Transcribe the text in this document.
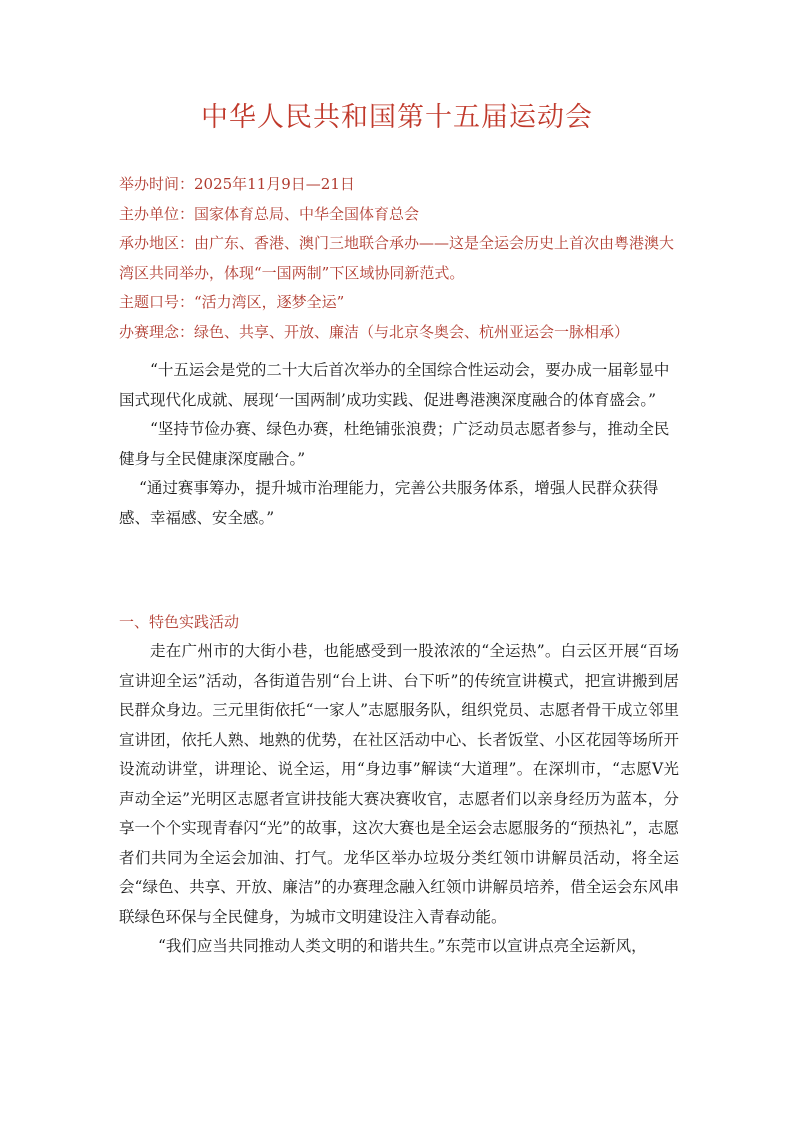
中华人民共和国第十五届运动会
举办时间：2025年11月9日—21日
主办单位：国家体育总局、中华全国体育总会
承办地区：由广东、香港、澳门三地联合承办——这是全运会历史上首次由粤港澳大湾区共同举办，体现“一国两制”下区域协同新范式。
主题口号：“活力湾区，逐梦全运”
办赛理念：绿色、共享、开放、廉洁（与北京冬奥会、杭州亚运会一脉相承）

“十五运会是党的二十大后首次举办的全国综合性运动会，要办成一届彰显中国式现代化成就、展现‘一国两制’成功实践、促进粤港澳深度融合的体育盛会。”

“坚持节俭办赛、绿色办赛，杜绝铺张浪费；广泛动员志愿者参与，推动全民健身与全民健康深度融合。”

“通过赛事筹办，提升城市治理能力，完善公共服务体系，增强人民群众获得感、幸福感、安全感。”

一、特色实践活动

走在广州市的大街小巷，也能感受到一股浓浓的“全运热”。白云区开展“百场宣讲迎全运”活动，各街道告别“台上讲、台下听”的传统宣讲模式，把宣讲搬到居民群众身边。三元里街依托“一家人”志愿服务队，组织党员、志愿者骨干成立邻里宣讲团，依托人熟、地熟的优势，在社区活动中心、长者饭堂、小区花园等场所开设流动讲堂，讲理论、说全运，用“身边事”解读“大道理”。在深圳市，“志愿V光 声动全运”光明区志愿者宣讲技能大赛决赛收官，志愿者们以亲身经历为蓝本，分享一个个实现青春闪“光”的故事，这次大赛也是全运会志愿服务的“预热礼”，志愿者们共同为全运会加油、打气。龙华区举办垃圾分类红领巾讲解员活动，将全运会“绿色、共享、开放、廉洁”的办赛理念融入红领巾讲解员培养，借全运会东风串联绿色环保与全民健身，为城市文明建设注入青春动能。

“我们应当共同推动人类文明的和谐共生。”东莞市以宣讲点亮全运新风，
